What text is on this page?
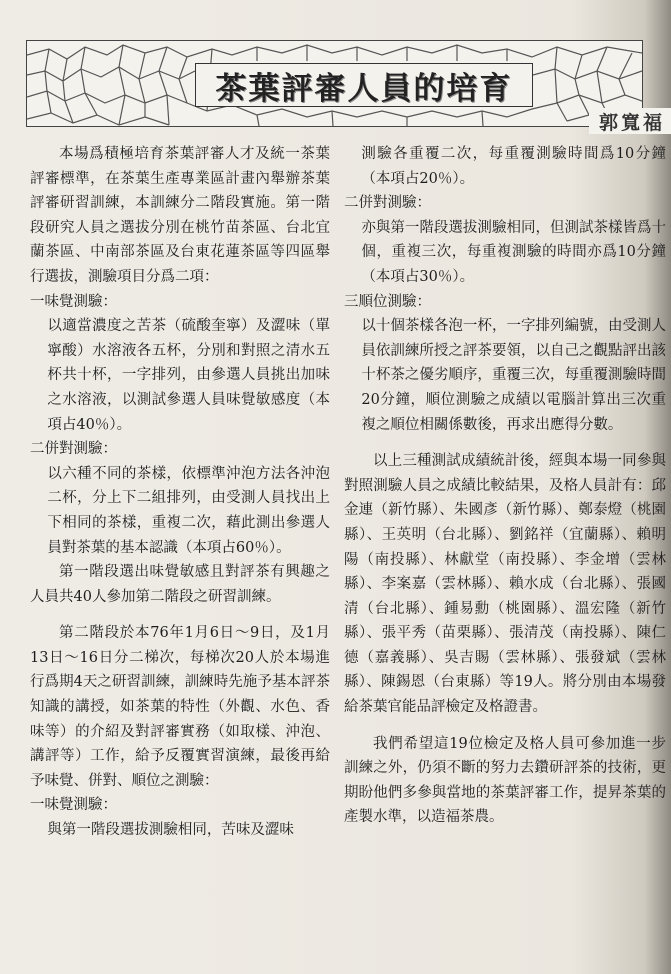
茶葉評審人員的培育
郭寬福

本場爲積極培育茶葉評審人才及統一茶葉評審標準，在茶葉生產專業區計畫內舉辦茶葉評審研習訓練，本訓練分二階段實施。第一階段研究人員之選拔分別在桃竹苗茶區、台北宜蘭茶區、中南部茶區及台東花蓮茶區等四區舉行選拔，測驗項目分爲二項：

一味覺測驗：

以適當濃度之苦茶（硫酸奎寧）及澀味（單寧酸）水溶液各五杯，分別和對照之清水五杯共十杯，一字排列，由參選人員挑出加味之水溶液，以測試參選人員味覺敏感度（本項占40％）。

二併對測驗：

以六種不同的茶樣，依標準沖泡方法各沖泡二杯，分上下二組排列，由受測人員找出上下相同的茶樣，重複二次，藉此測出參選人員對茶葉的基本認識（本項占60％）。

第一階段選出味覺敏感且對評茶有興趣之人員共40人參加第二階段之研習訓練。

第二階段於本76年1月6日～9日，及1月13日～16日分二梯次，每梯次20人於本場進行爲期4天之研習訓練，訓練時先施予基本評茶知識的講授，如茶葉的特性（外觀、水色、香味等）的介紹及對評審實務（如取樣、沖泡、講評等）工作，給予反覆實習演練，最後再給予味覺、併對、順位之測驗：

一味覺測驗：

與第一階段選拔測驗相同，苦味及澀味

測驗各重覆二次，每重覆測驗時間爲10分鐘（本項占20％）。

二併對測驗：

亦與第一階段選拔測驗相同，但測試茶樣皆爲十個，重複三次，每重複測驗的時間亦爲10分鐘（本項占30％）。

三順位測驗：

以十個茶樣各泡一杯，一字排列編號，由受測人員依訓練所授之評茶要領，以自己之觀點評出該十杯茶之優劣順序，重覆三次，每重覆測驗時間20分鐘，順位測驗之成績以電腦計算出三次重複之順位相關係數後，再求出應得分數。

以上三種測試成績統計後，經與本場一同參與對照測驗人員之成績比較結果，及格人員計有：邱金連（新竹縣）、朱國彥（新竹縣）、鄭泰燈（桃園縣）、王英明（台北縣）、劉銘祥（宜蘭縣）、賴明陽（南投縣）、林獻堂（南投縣）、李金增（雲林縣）、李案嘉（雲林縣）、賴水成（台北縣）、張國清（台北縣）、鍾易勳（桃園縣）、溫宏隆（新竹縣）、張平秀（苗栗縣）、張清茂（南投縣）、陳仁德（嘉義縣）、吳吉賜（雲林縣）、張發斌（雲林縣）、陳錫恩（台東縣）等19人。將分別由本場發給茶葉官能品評檢定及格證書。

我們希望這19位檢定及格人員可參加進一步訓練之外，仍須不斷的努力去鑽研評茶的技術，更期盼他們多參與當地的茶葉評審工作，提昇茶葉的產製水準，以造福茶農。
